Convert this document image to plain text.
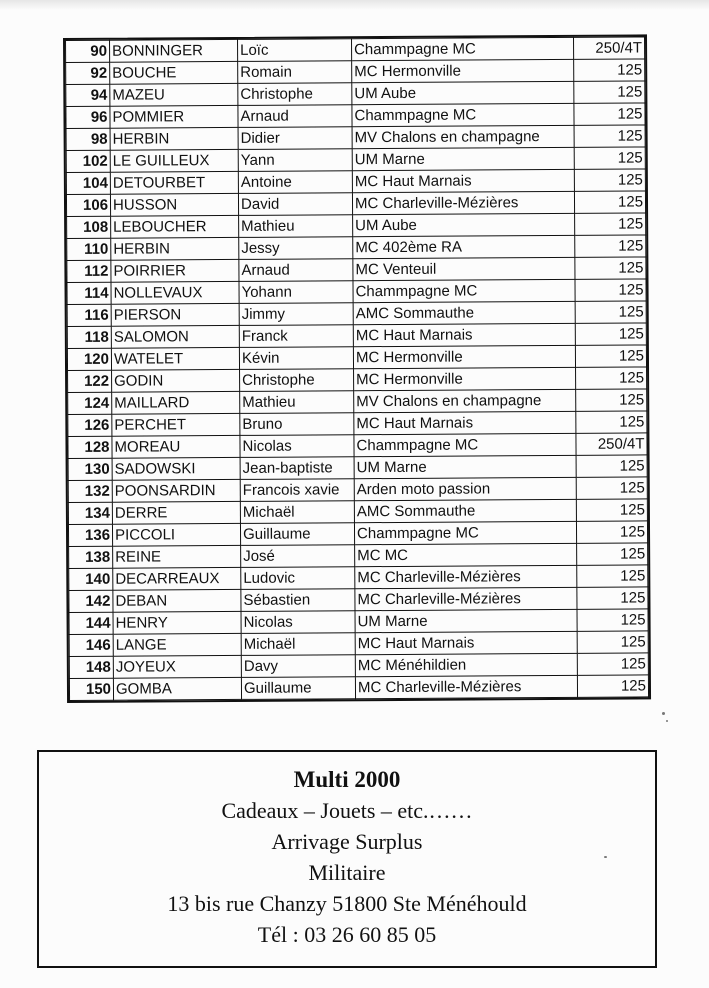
90	BONNINGER	Loïc	Chammpagne MC	250/4T
92	BOUCHE	Romain	MC Hermonville	125
94	MAZEU	Christophe	UM Aube	125
96	POMMIER	Arnaud	Chammpagne MC	125
98	HERBIN	Didier	MV Chalons en champagne	125
102	LE GUILLEUX	Yann	UM Marne	125
104	DETOURBET	Antoine	MC Haut Marnais	125
106	HUSSON	David	MC Charleville-Mézières	125
108	LEBOUCHER	Mathieu	UM Aube	125
110	HERBIN	Jessy	MC 402ème RA	125
112	POIRRIER	Arnaud	MC Venteuil	125
114	NOLLEVAUX	Yohann	Chammpagne MC	125
116	PIERSON	Jimmy	AMC Sommauthe	125
118	SALOMON	Franck	MC Haut Marnais	125
120	WATELET	Kévin	MC Hermonville	125
122	GODIN	Christophe	MC Hermonville	125
124	MAILLARD	Mathieu	MV Chalons en champagne	125
126	PERCHET	Bruno	MC Haut Marnais	125
128	MOREAU	Nicolas	Chammpagne MC	250/4T
130	SADOWSKI	Jean-baptiste	UM Marne	125
132	POONSARDIN	Francois xavie	Arden moto passion	125
134	DERRE	Michaël	AMC Sommauthe	125
136	PICCOLI	Guillaume	Chammpagne MC	125
138	REINE	José	MC MC	125
140	DECARREAUX	Ludovic	MC Charleville-Mézières	125
142	DEBAN	Sébastien	MC Charleville-Mézières	125
144	HENRY	Nicolas	UM Marne	125
146	LANGE	Michaël	MC Haut Marnais	125
148	JOYEUX	Davy	MC Ménéhildien	125
150	GOMBA	Guillaume	MC Charleville-Mézières	125
Multi 2000
Cadeaux – Jouets – etc.……
Arrivage Surplus
Militaire
13 bis rue Chanzy 51800 Ste Ménéhould
Tél : 03 26 60 85 05
